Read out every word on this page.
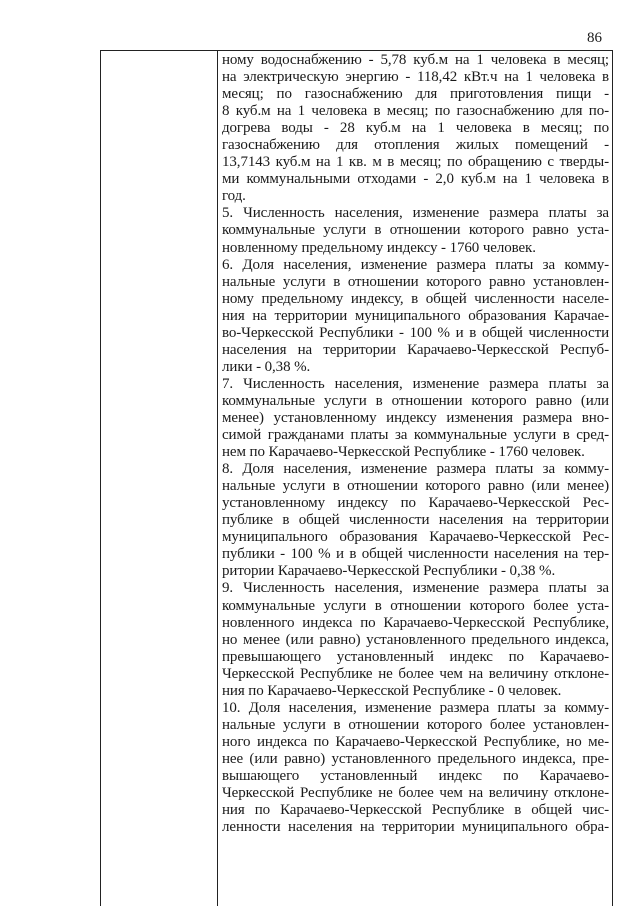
86
ному водоснабжению - 5,78 куб.м на 1 человека в месяц;
на электрическую энергию - 118,42 кВт.ч на 1 человека в
месяц; по газоснабжению для приготовления пищи -
8 куб.м на 1 человека в месяц; по газоснабжению для по-
догрева воды - 28 куб.м на 1 человека в месяц; по
газоснабжению для отопления жилых помещений -
13,7143 куб.м на 1 кв. м в месяц; по обращению с тверды-
ми коммунальными отходами - 2,0 куб.м на 1 человека в
год.
5. Численность населения, изменение размера платы за
коммунальные услуги в отношении которого равно уста-
новленному предельному индексу - 1760 человек.
6. Доля населения, изменение размера платы за комму-
нальные услуги в отношении которого равно установлен-
ному предельному индексу, в общей численности населе-
ния на территории муниципального образования Карачае-
во-Черкесской Республики - 100 % и в общей численности
населения на территории Карачаево-Черкесской Респуб-
лики - 0,38 %.
7. Численность населения, изменение размера платы за
коммунальные услуги в отношении которого равно (или
менее) установленному индексу изменения размера вно-
симой гражданами платы за коммунальные услуги в сред-
нем по Карачаево-Черкесской Республике - 1760 человек.
8. Доля населения, изменение размера платы за комму-
нальные услуги в отношении которого равно (или менее)
установленному индексу по Карачаево-Черкесской Рес-
публике в общей численности населения на территории
муниципального образования Карачаево-Черкесской Рес-
публики - 100 % и в общей численности населения на тер-
ритории Карачаево-Черкесской Республики - 0,38 %.
9. Численность населения, изменение размера платы за
коммунальные услуги в отношении которого более уста-
новленного индекса по Карачаево-Черкесской Республике,
но менее (или равно) установленного предельного индекса,
превышающего установленный индекс по Карачаево-
Черкесской Республике не более чем на величину отклоне-
ния по Карачаево-Черкесской Республике - 0 человек.
10. Доля населения, изменение размера платы за комму-
нальные услуги в отношении которого более установлен-
ного индекса по Карачаево-Черкесской Республике, но ме-
нее (или равно) установленного предельного индекса, пре-
вышающего установленный индекс по Карачаево-
Черкесской Республике не более чем на величину отклоне-
ния по Карачаево-Черкесской Республике в общей чис-
ленности населения на территории муниципального обра-
